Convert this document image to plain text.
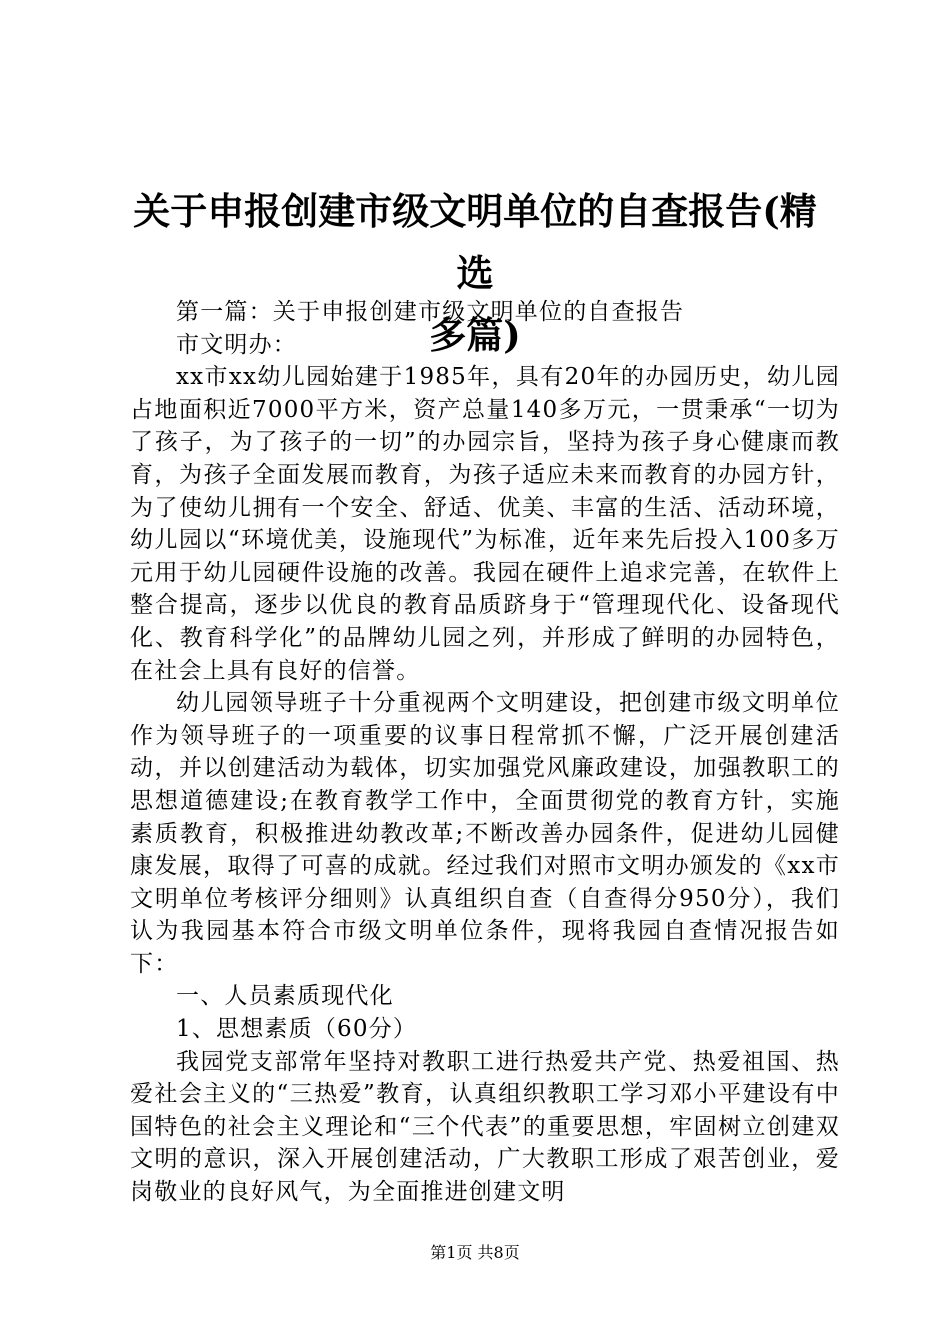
关于申报创建市级文明单位的自查报告(精选
多篇)

第一篇：关于申报创建市级文明单位的自查报告

市文明办：

xx市xx幼儿园始建于1985年，具有20年的办园历史，幼儿园占地面积近7000平方米，资产总量140多万元，一贯秉承“一切为了孩子，为了孩子的一切”的办园宗旨，坚持为孩子身心健康而教育，为孩子全面发展而教育，为孩子适应未来而教育的办园方针，为了使幼儿拥有一个安全、舒适、优美、丰富的生活、活动环境，幼儿园以“环境优美，设施现代”为标准，近年来先后投入100多万元用于幼儿园硬件设施的改善。我园在硬件上追求完善，在软件上整合提高，逐步以优良的教育品质跻身于“管理现代化、设备现代化、教育科学化”的品牌幼儿园之列，并形成了鲜明的办园特色，在社会上具有良好的信誉。

幼儿园领导班子十分重视两个文明建设，把创建市级文明单位作为领导班子的一项重要的议事日程常抓不懈，广泛开展创建活动，并以创建活动为载体，切实加强党风廉政建设，加强教职工的思想道德建设;在教育教学工作中，全面贯彻党的教育方针，实施素质教育，积极推进幼教改革;不断改善办园条件，促进幼儿园健康发展，取得了可喜的成就。经过我们对照市文明办颁发的《xx市文明单位考核评分细则》认真组织自查（自查得分950分），我们认为我园基本符合市级文明单位条件，现将我园自查情况报告如下：

一、人员素质现代化

1、思想素质（60分）

我园党支部常年坚持对教职工进行热爱共产党、热爱祖国、热爱社会主义的“三热爱”教育，认真组织教职工学习邓小平建设有中国特色的社会主义理论和“三个代表”的重要思想，牢固树立创建双文明的意识，深入开展创建活动，广大教职工形成了艰苦创业，爱岗敬业的良好风气，为全面推进创建文明

第1页 共8页
